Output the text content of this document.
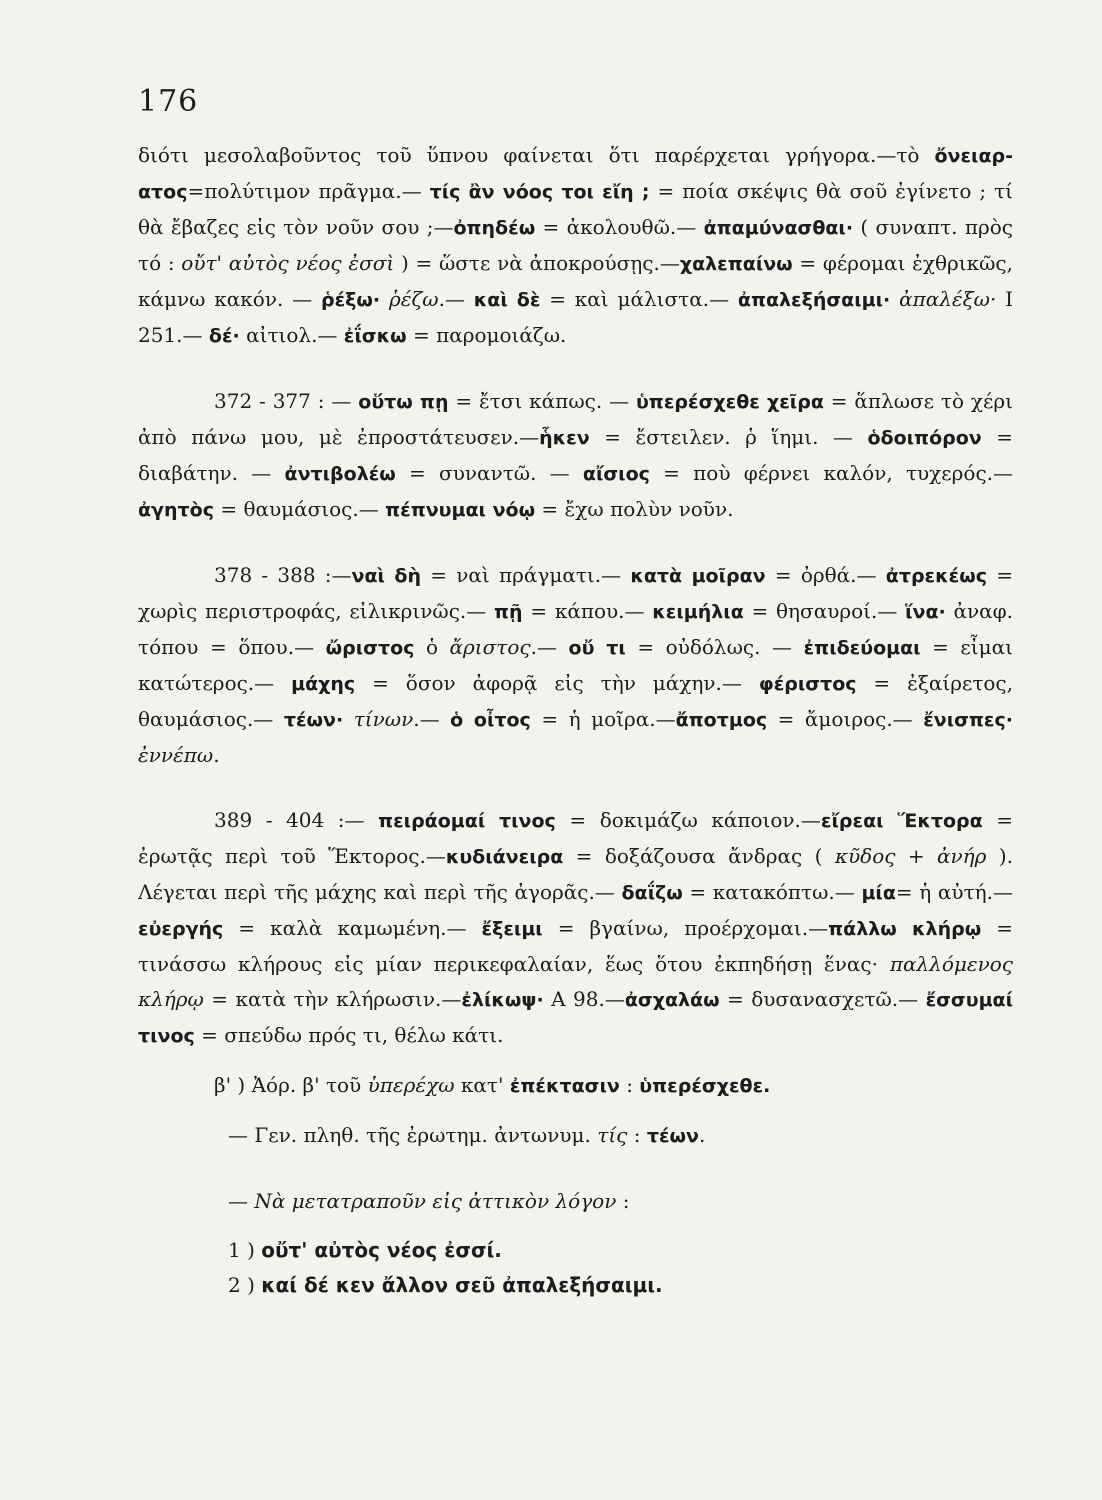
176

διότι μεσολαβοῦντος τοῦ ὕπνου φαίνεται ὅτι παρέρχεται γρήγορα.—τὸ ὄνειαρ-ατος=πολύτιμον πρᾶγμα.— τίς ἂν νόος τοι εἴη ; = ποία σκέψις θὰ σοῦ ἐγίνετο ; τί θὰ ἔβαζες εἰς τὸν νοῦν σου ;—ὀπηδέω = ἀκολουθῶ.— ἀπαμύνασθαι· ( συναπτ. πρὸς τό : οὔτ' αὐτὸς νέος ἐσσὶ ) = ὥστε νὰ ἀποκρούσῃς.—χαλεπαίνω = φέρομαι ἐχθρικῶς, κάμνω κακόν. — ῥέξω· ῥέζω.— καὶ δὲ = καὶ μάλιστα.— ἀπαλεξήσαιμι· ἀπαλέξω· Ι 251.— δέ· αἰτιολ.— ἐΐσκω = παρομοιάζω.

372 - 377 : — οὕτω πῃ = ἔτσι κάπως. — ὑπερέσχεθε χεῖρα = ἅπλωσε τὸ χέρι ἀπὸ πάνω μου, μὲ ἐπροστάτευσεν.—ἧκεν = ἔστειλεν. ῥ ἵημι. — ὁδοιπόρον = διαβάτην. — ἀντιβολέω = συναντῶ. — αἴσιος = ποὺ φέρνει καλόν, τυχερός.— ἀγητὸς = θαυμάσιος.— πέπνυμαι νόῳ = ἔχω πολὺν νοῦν.

378 - 388 :—ναὶ δὴ = ναὶ πράγματι.— κατὰ μοῖραν = ὀρθά.— ἀτρεκέως = χωρὶς περιστροφάς, εἰλικρινῶς.— πῇ = κάπου.— κειμήλια = θησαυροί.— ἵνα· ἀναφ. τόπου = ὅπου.— ὤριστος ὁ ἄριστος.— οὔ τι = οὐδόλως. — ἐπιδεύομαι = εἶμαι κατώτερος.— μάχης = ὅσον ἀφορᾷ εἰς τὴν μάχην.— φέριστος = ἐξαίρετος, θαυμάσιος.— τέων· τίνων.— ὁ οἶτος = ἡ μοῖρα.—ἄποτμος = ἄμοιρος.— ἔνισπες· ἐννέπω.

389 - 404 :— πειράομαί τινος = δοκιμάζω κάποιον.—εἴρεαι Ἕκτορα = ἐρωτᾷς περὶ τοῦ Ἕκτορος.—κυδιάνειρα = δοξάζουσα ἄνδρας ( κῦδος + ἀνήρ ). Λέγεται περὶ τῆς μάχης καὶ περὶ τῆς ἀγορᾶς.— δαΐζω = κατακόπτω.— μία= ἡ αὐτή.— εὐεργής = καλὰ καμωμένη.— ἔξειμι = βγαίνω, προέρχομαι.—πάλλω κλήρῳ = τινάσσω κλήρους εἰς μίαν περικεφαλαίαν, ἕως ὅτου ἐκπηδήσῃ ἕνας· παλλόμενος κλήρῳ = κατὰ τὴν κλήρωσιν.—ἐλίκωψ· Α 98.—ἀσχαλάω = δυσανασχετῶ.— ἔσσυμαί τινος = σπεύδω πρός τι, θέλω κάτι.

β' ) Ἀόρ. β' τοῦ ὑπερέχω κατ' ἐπέκτασιν : ὑπερέσχεθε.

— Γεν. πληθ. τῆς ἐρωτημ. ἀντωνυμ. τίς : τέων.

— Νὰ μετατραποῦν εἰς ἀττικὸν λόγον :

1 ) οὔτ' αὐτὸς νέος ἐσσί.

2 ) καί δέ κεν ἄλλον σεῦ ἀπαλεξήσαιμι.
